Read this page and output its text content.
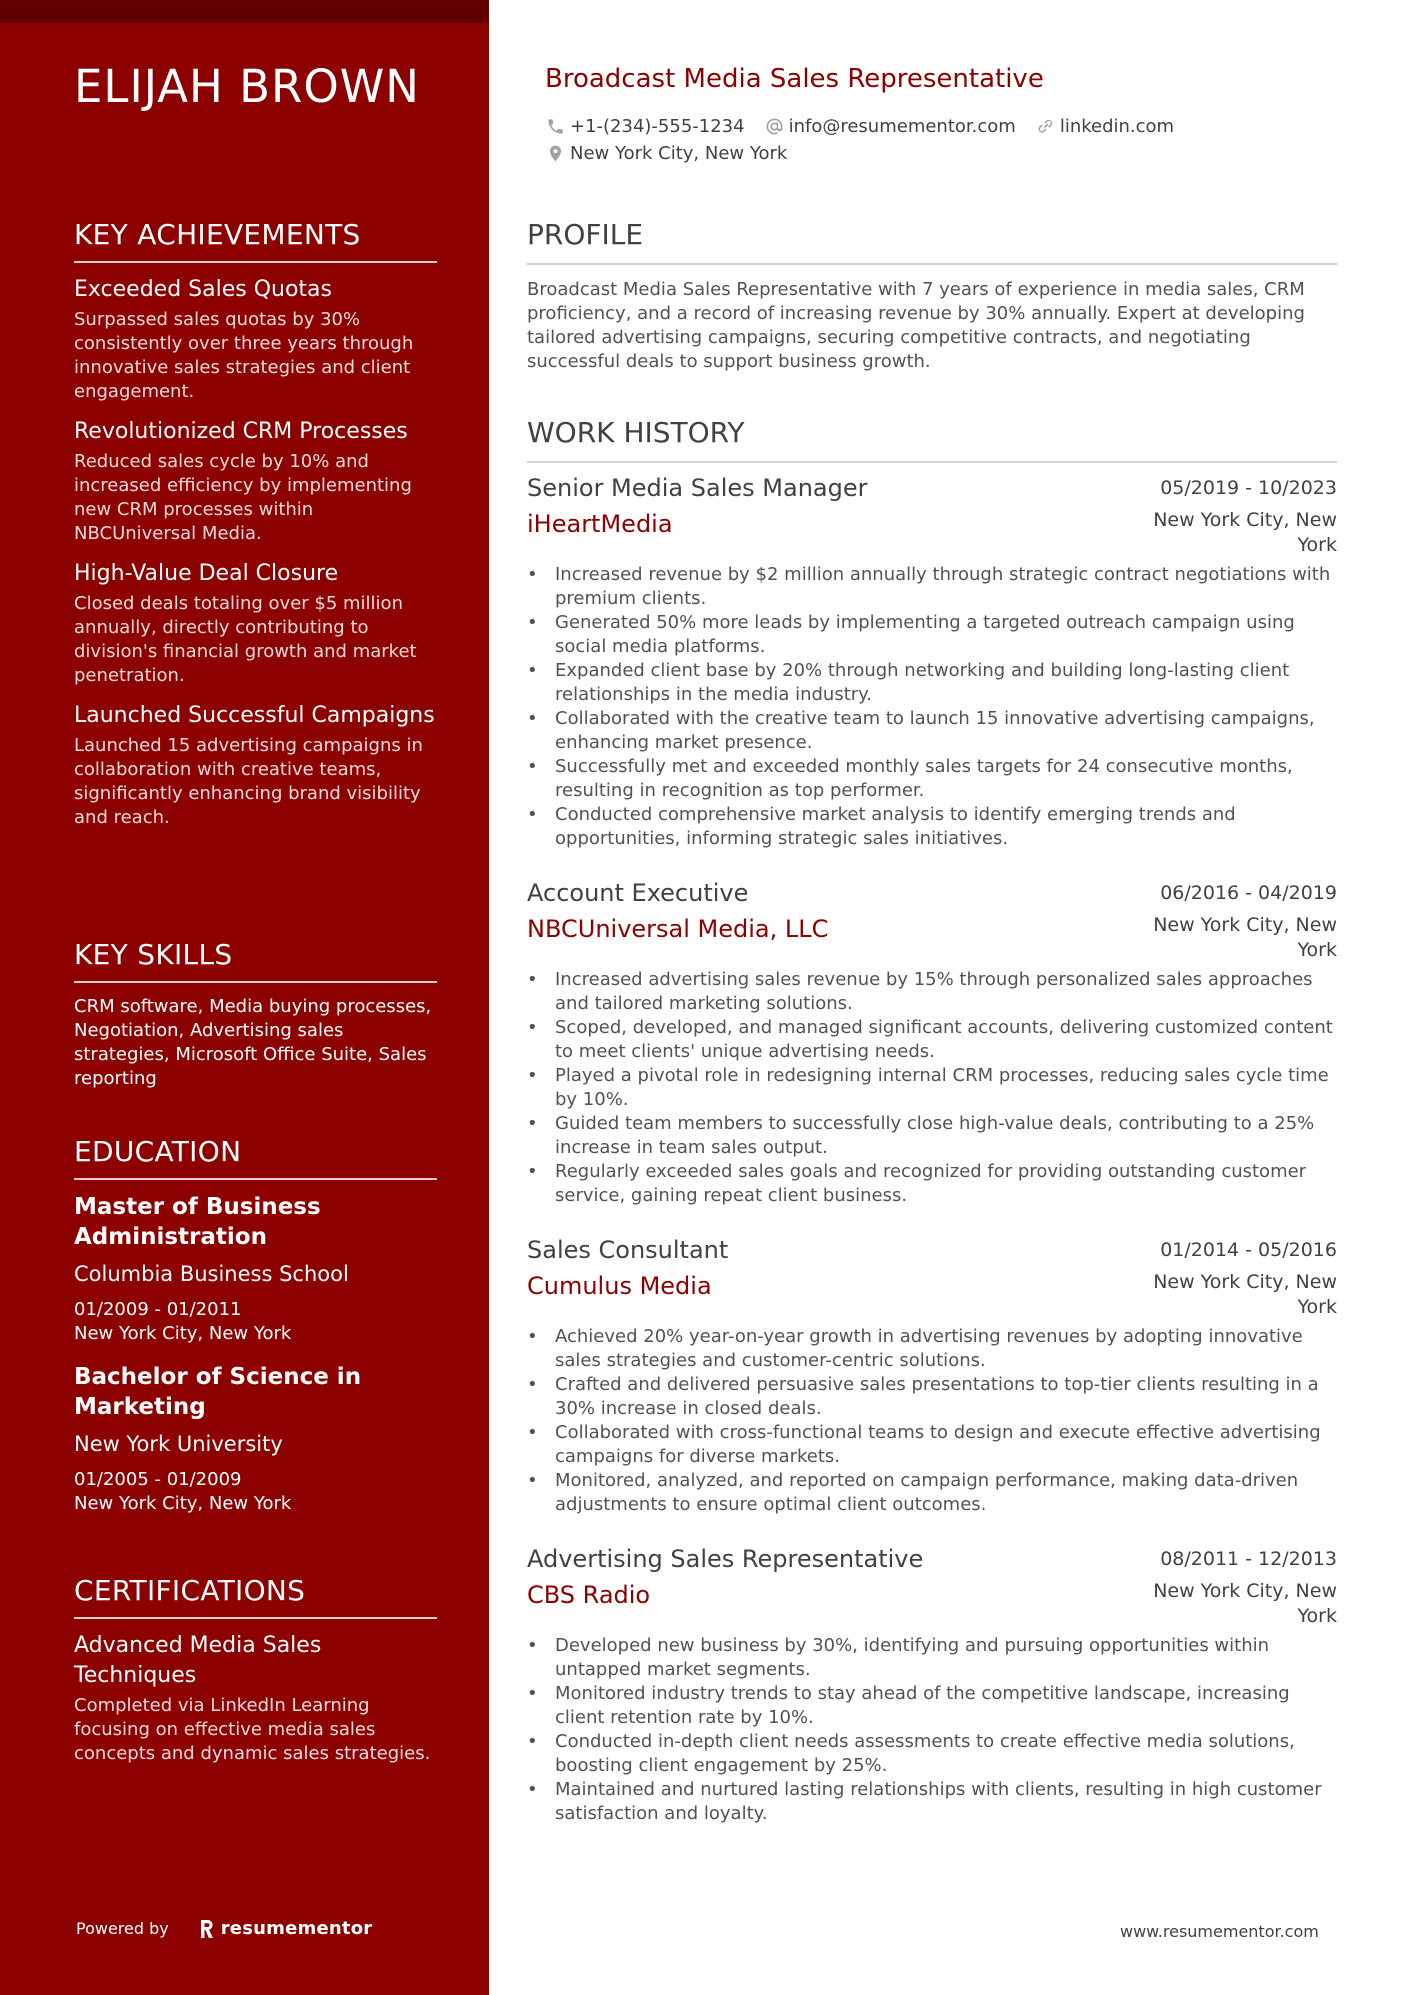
ELIJAH BROWN
KEY ACHIEVEMENTS
Exceeded Sales Quotas
Surpassed sales quotas by 30% consistently over three years through innovative sales strategies and client engagement.
Revolutionized CRM Processes
Reduced sales cycle by 10% and increased efficiency by implementing new CRM processes within NBCUniversal Media.
High-Value Deal Closure
Closed deals totaling over $5 million annually, directly contributing to division's financial growth and market penetration.
Launched Successful Campaigns
Launched 15 advertising campaigns in collaboration with creative teams, significantly enhancing brand visibility and reach.
KEY SKILLS
CRM software, Media buying processes, Negotiation, Advertising sales strategies, Microsoft Office Suite, Sales reporting
EDUCATION
Master of Business Administration
Columbia Business School
01/2009 - 01/2011
New York City, New York
Bachelor of Science in Marketing
New York University
01/2005 - 01/2009
New York City, New York
CERTIFICATIONS
Advanced Media Sales Techniques
Completed via LinkedIn Learning focusing on effective media sales concepts and dynamic sales strategies.
Powered by	resumementor
Broadcast Media Sales Representative
+1-(234)-555-1234 info@resumementor.com linkedin.com
New York City, New York
PROFILE
Broadcast Media Sales Representative with 7 years of experience in media sales, CRM proficiency, and a record of increasing revenue by 30% annually. Expert at developing tailored advertising campaigns, securing competitive contracts, and negotiating successful deals to support business growth.
WORK HISTORY
Senior Media Sales Manager	05/2019 - 10/2023
iHeartMedia	New York City, New York
• Increased revenue by $2 million annually through strategic contract negotiations with premium clients.
• Generated 50% more leads by implementing a targeted outreach campaign using social media platforms.
• Expanded client base by 20% through networking and building long-lasting client relationships in the media industry.
• Collaborated with the creative team to launch 15 innovative advertising campaigns, enhancing market presence.
• Successfully met and exceeded monthly sales targets for 24 consecutive months, resulting in recognition as top performer.
• Conducted comprehensive market analysis to identify emerging trends and opportunities, informing strategic sales initiatives.
Account Executive	06/2016 - 04/2019
NBCUniversal Media, LLC	New York City, New York
• Increased advertising sales revenue by 15% through personalized sales approaches and tailored marketing solutions.
• Scoped, developed, and managed significant accounts, delivering customized content to meet clients' unique advertising needs.
• Played a pivotal role in redesigning internal CRM processes, reducing sales cycle time by 10%.
• Guided team members to successfully close high-value deals, contributing to a 25% increase in team sales output.
• Regularly exceeded sales goals and recognized for providing outstanding customer service, gaining repeat client business.
Sales Consultant	01/2014 - 05/2016
Cumulus Media	New York City, New York
• Achieved 20% year-on-year growth in advertising revenues by adopting innovative sales strategies and customer-centric solutions.
• Crafted and delivered persuasive sales presentations to top-tier clients resulting in a 30% increase in closed deals.
• Collaborated with cross-functional teams to design and execute effective advertising campaigns for diverse markets.
• Monitored, analyzed, and reported on campaign performance, making data-driven adjustments to ensure optimal client outcomes.
Advertising Sales Representative	08/2011 - 12/2013
CBS Radio	New York City, New York
• Developed new business by 30%, identifying and pursuing opportunities within untapped market segments.
• Monitored industry trends to stay ahead of the competitive landscape, increasing client retention rate by 10%.
• Conducted in-depth client needs assessments to create effective media solutions, boosting client engagement by 25%.
• Maintained and nurtured lasting relationships with clients, resulting in high customer satisfaction and loyalty.
www.resumementor.com
